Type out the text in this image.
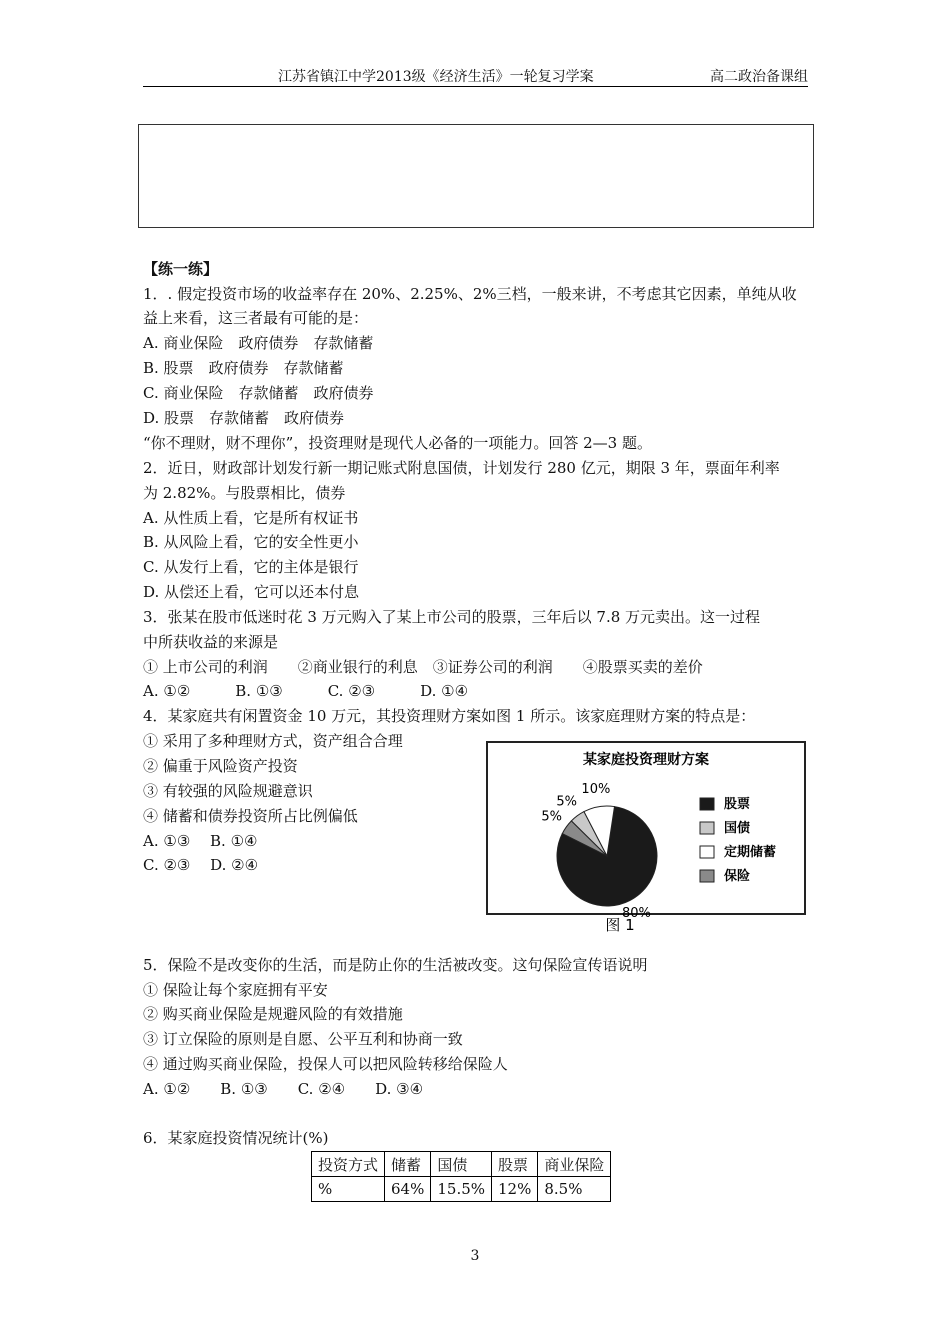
江苏省镇江中学2013级《经济生活》一轮复习学案	高二政治备课组
【练一练】
1．. 假定投资市场的收益率存在 20%、2.25%、2%三档，一般来讲，不考虑其它因素，单纯从收
益上来看，这三者最有可能的是：
A. 商业保险　政府债券　存款储蓄
B. 股票　政府债券　存款储蓄
C. 商业保险　存款储蓄　政府债券
D. 股票　存款储蓄　政府债券
“你不理财，财不理你”，投资理财是现代人必备的一项能力。回答 2—3 题。
2．近日，财政部计划发行新一期记账式附息国债，计划发行 280 亿元，期限 3 年，票面年利率
为 2.82%。与股票相比，债券
A. 从性质上看，它是所有权证书
B. 从风险上看，它的安全性更小
C. 从发行上看，它的主体是银行
D. 从偿还上看，它可以还本付息
3．张某在股市低迷时花 3 万元购入了某上市公司的股票，三年后以 7.8 万元卖出。这一过程
中所获收益的来源是
① 上市公司的利润　　②商业银行的利息　③证券公司的利润　　④股票买卖的差价
A. ①②　　　B. ①③　　　C. ②③　　　D. ①④
4．某家庭共有闲置资金 10 万元，其投资理财方案如图 1 所示。该家庭理财方案的特点是：
① 采用了多种理财方式，资产组合合理
② 偏重于风险资产投资
③ 有较强的风险规避意识
④ 储蓄和债券投资所占比例偏低
A. ①③　 B. ①④
C. ②③　 D. ②④
某家庭投资理财方案
80%
5%
5%
10%
股票
国债
定期储蓄
保险
图 1
5．保险不是改变你的生活，而是防止你的生活被改变。这句保险宣传语说明
① 保险让每个家庭拥有平安
② 购买商业保险是规避风险的有效措施
③ 订立保险的原则是自愿、公平互利和协商一致
④ 通过购买商业保险，投保人可以把风险转移给保险人
A. ①②　　B. ①③　　C. ②④　　D. ③④
6．某家庭投资情况统计(%)
投资方式	储蓄	国债	股票	商业保险
%	64%	15.5%	12%	8.5%
3
